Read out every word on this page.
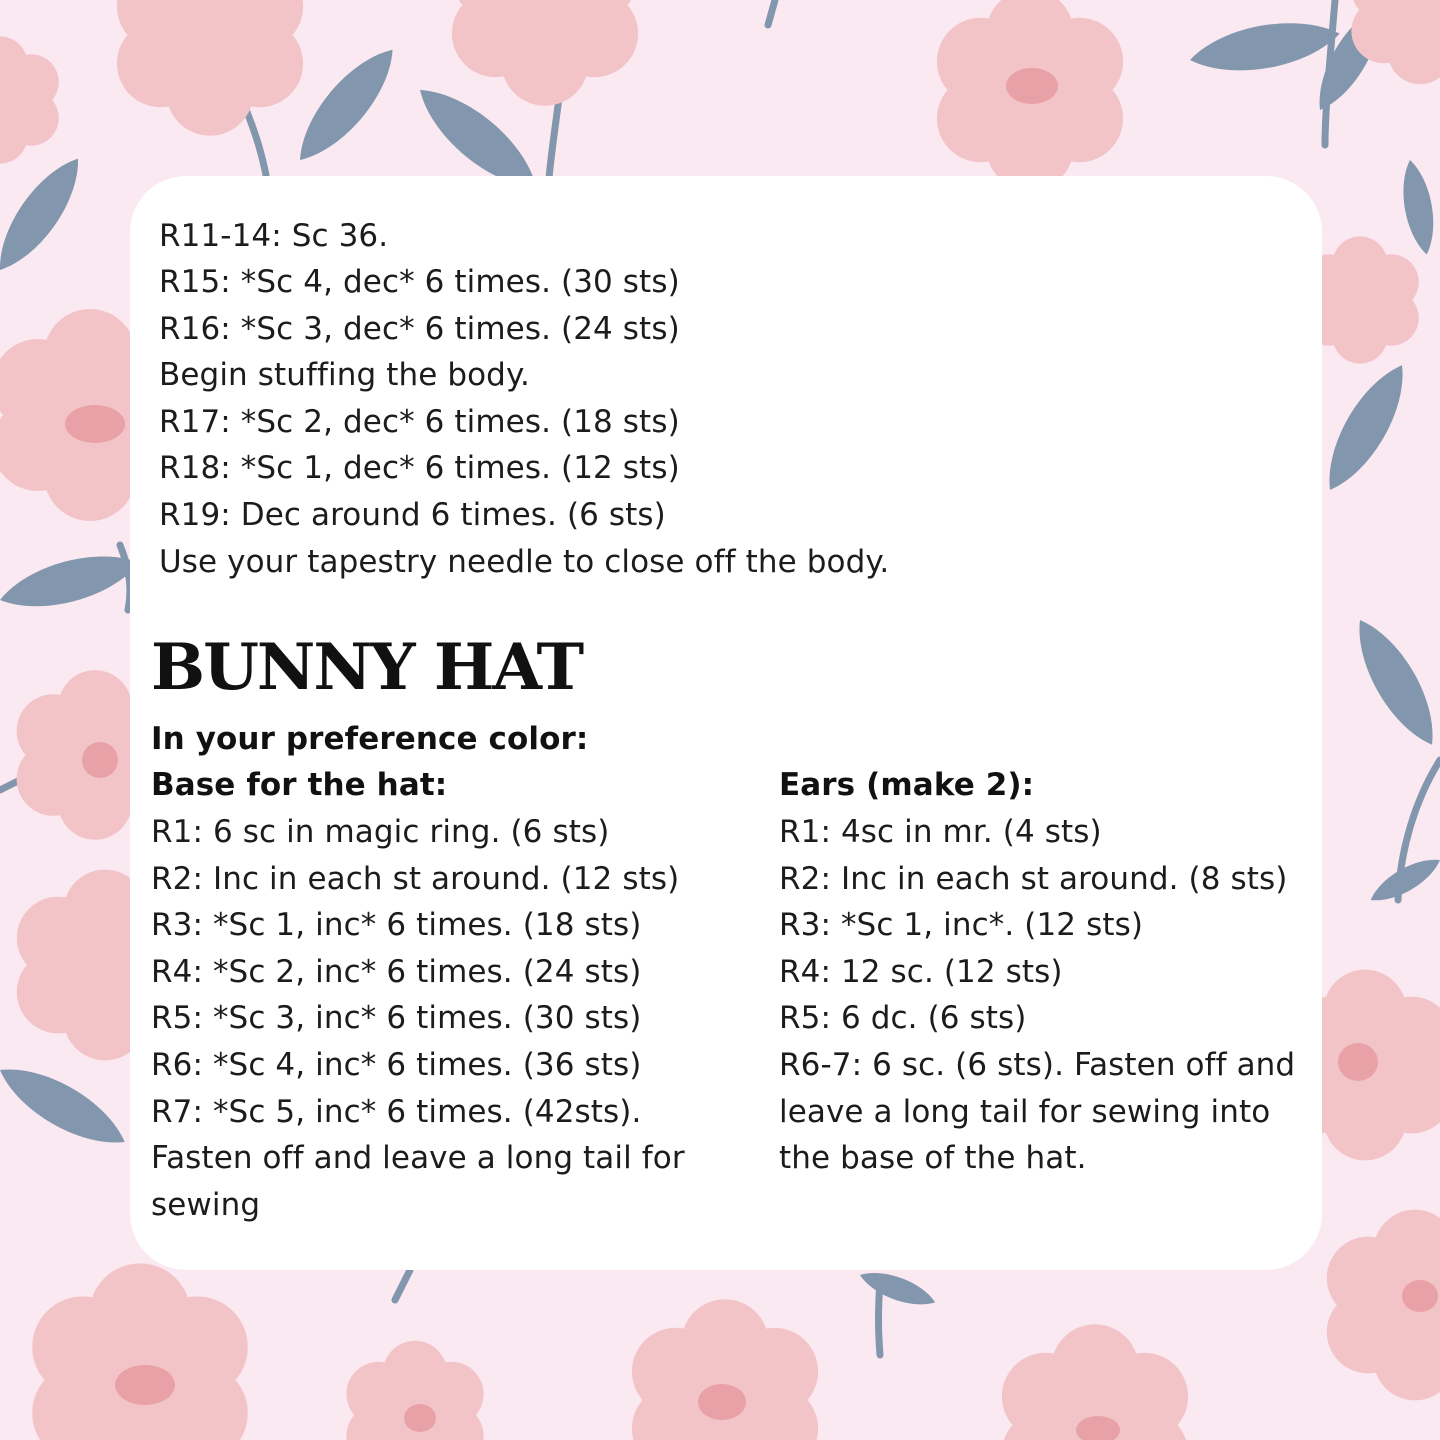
R11-14: Sc 36.

R15: *Sc 4, dec* 6 times. (30 sts)

R16: *Sc 3, dec* 6 times. (24 sts)

Begin stuffing the body.

R17: *Sc 2, dec* 6 times. (18 sts)

R18: *Sc 1, dec* 6 times. (12 sts)

R19: Dec around 6 times. (6 sts)

Use your tapestry needle to close off the body.

BUNNY HAT

In your preference color:

Base for the hat:

R1: 6 sc in magic ring. (6 sts)

R2: Inc in each st around. (12 sts)

R3: *Sc 1, inc* 6 times. (18 sts)

R4: *Sc 2, inc* 6 times. (24 sts)

R5: *Sc 3, inc* 6 times. (30 sts)

R6: *Sc 4, inc* 6 times. (36 sts)

R7: *Sc 5, inc* 6 times. (42sts).

Fasten off and leave a long tail for

sewing

Ears (make 2):

R1: 4sc in mr. (4 sts)

R2: Inc in each st around. (8 sts)

R3: *Sc 1, inc*. (12 sts)

R4: 12 sc. (12 sts)

R5: 6 dc. (6 sts)

R6-7: 6 sc. (6 sts). Fasten off and

leave a long tail for sewing into

the base of the hat.
